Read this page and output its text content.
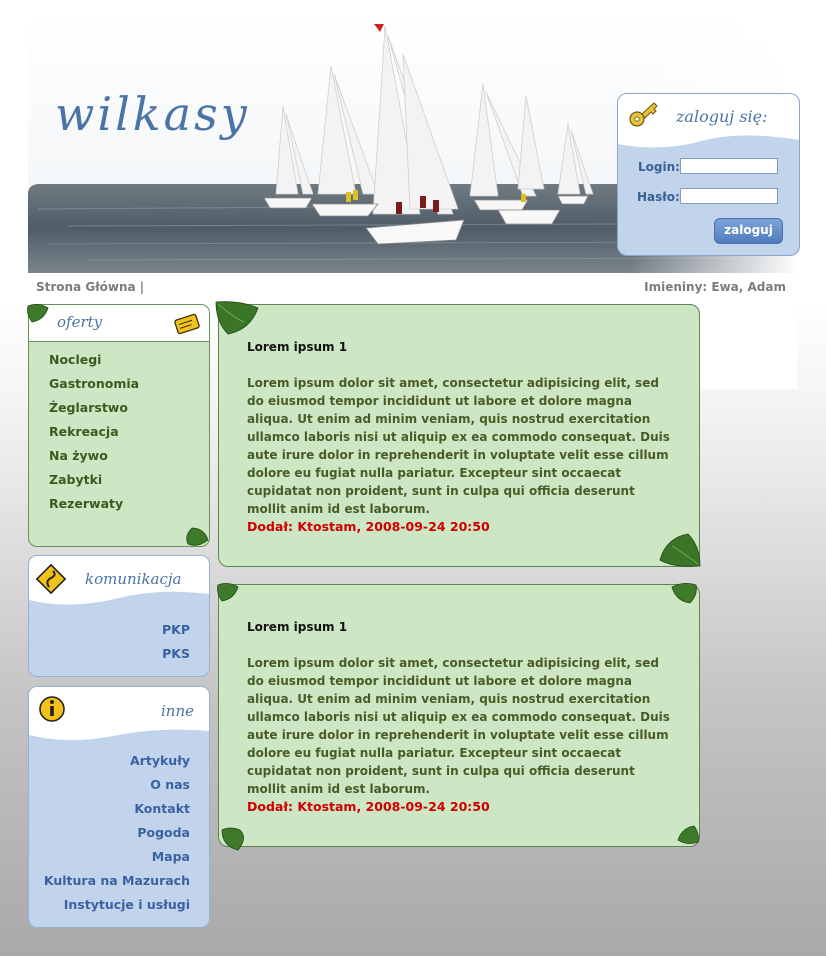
wilkasy	zaloguj się:
Login:
Hasło:
zaloguj
Strona Główna |	Imieniny: Ewa, Adam
oferty
Noclegi
Gastronomia
Żeglarstwo
Rekreacja
Na żywo
Zabytki
Rezerwaty
komunikacja
PKP
PKS
inne
Artykuły
O nas
Kontakt
Pogoda
Mapa
Kultura na Mazurach
Instytucje i usługi
Lorem ipsum 1
Lorem ipsum dolor sit amet, consectetur adipisicing elit, sed do eiusmod tempor incididunt ut labore et dolore magna aliqua. Ut enim ad minim veniam, quis nostrud exercitation ullamco laboris nisi ut aliquip ex ea commodo consequat. Duis aute irure dolor in reprehenderit in voluptate velit esse cillum dolore eu fugiat nulla pariatur. Excepteur sint occaecat cupidatat non proident, sunt in culpa qui officia deserunt mollit anim id est laborum.
Dodał: Ktostam, 2008-09-24 20:50
Lorem ipsum 1
Lorem ipsum dolor sit amet, consectetur adipisicing elit, sed do eiusmod tempor incididunt ut labore et dolore magna aliqua. Ut enim ad minim veniam, quis nostrud exercitation ullamco laboris nisi ut aliquip ex ea commodo consequat. Duis aute irure dolor in reprehenderit in voluptate velit esse cillum dolore eu fugiat nulla pariatur. Excepteur sint occaecat cupidatat non proident, sunt in culpa qui officia deserunt mollit anim id est laborum.
Dodał: Ktostam, 2008-09-24 20:50
